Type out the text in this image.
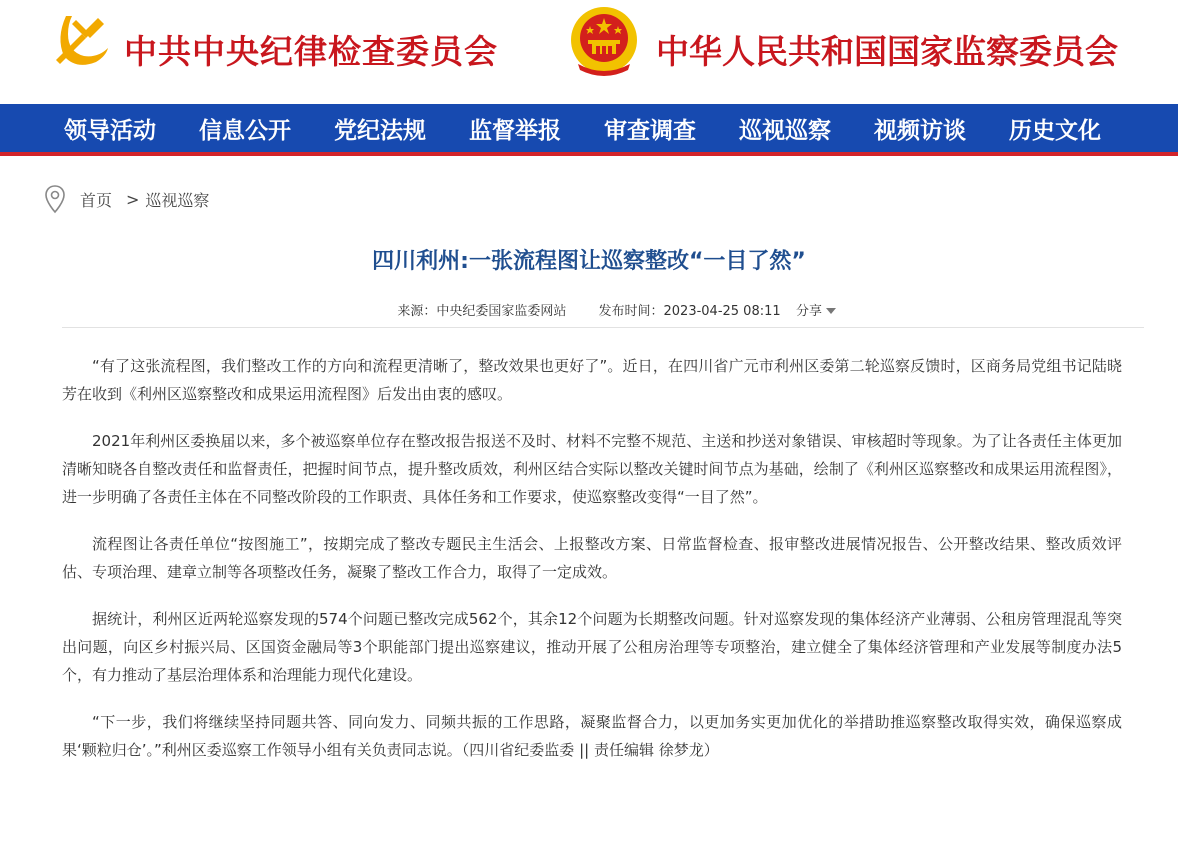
中共中央纪律检查委员会	中华人民共和国国家监察委员会
领导活动	信息公开	党纪法规	监督举报	审查调查	巡视巡察	视频访谈	历史文化
首页 > 巡视巡察
四川利州:一张流程图让巡察整改“一目了然”
来源：中央纪委国家监委网站 发布时间：2023-04-25 08:11	分享

“有了这张流程图，我们整改工作的方向和流程更清晰了，整改效果也更好了”。近日，在四川省广元市利州区委第二轮巡察反馈时，区商务局党组书记陆晓芳在收到《利州区巡察整改和成果运用流程图》后发出由衷的感叹。

2021年利州区委换届以来，多个被巡察单位存在整改报告报送不及时、材料不完整不规范、主送和抄送对象错误、审核超时等现象。为了让各责任主体更加清晰知晓各自整改责任和监督责任，把握时间节点，提升整改质效，利州区结合实际以整改关键时间节点为基础，绘制了《利州区巡察整改和成果运用流程图》，进一步明确了各责任主体在不同整改阶段的工作职责、具体任务和工作要求，使巡察整改变得“一目了然”。

流程图让各责任单位“按图施工”，按期完成了整改专题民主生活会、上报整改方案、日常监督检查、报审整改进展情况报告、公开整改结果、整改质效评估、专项治理、建章立制等各项整改任务，凝聚了整改工作合力，取得了一定成效。

据统计，利州区近两轮巡察发现的574个问题已整改完成562个，其余12个问题为长期整改问题。针对巡察发现的集体经济产业薄弱、公租房管理混乱等突出问题，向区乡村振兴局、区国资金融局等3个职能部门提出巡察建议，推动开展了公租房治理等专项整治，建立健全了集体经济管理和产业发展等制度办法5个，有力推动了基层治理体系和治理能力现代化建设。

“下一步，我们将继续坚持同题共答、同向发力、同频共振的工作思路，凝聚监督合力，以更加务实更加优化的举措助推巡察整改取得实效，确保巡察成果‘颗粒归仓’。”利州区委巡察工作领导小组有关负责同志说。（四川省纪委监委 || 责任编辑 徐梦龙）
